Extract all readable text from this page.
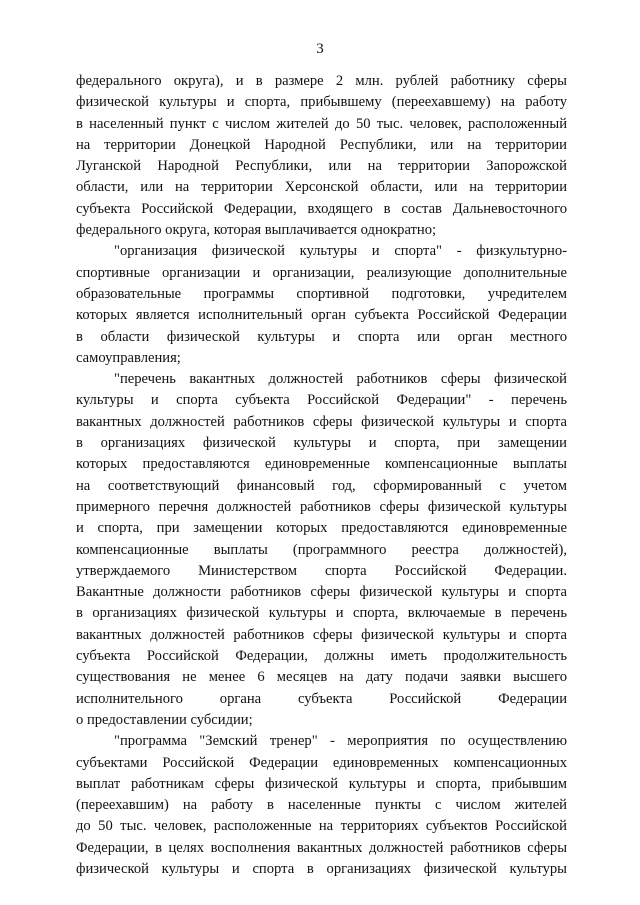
3
федерального округа), и в размере 2 млн. рублей работнику сферы
физической культуры и спорта, прибывшему (переехавшему) на работу
в населенный пункт с числом жителей до 50 тыс. человек, расположенный
на территории Донецкой Народной Республики, или на территории
Луганской Народной Республики, или на территории Запорожской
области, или на территории Херсонской области, или на территории
субъекта Российской Федерации, входящего в состав Дальневосточного
федерального округа, которая выплачивается однократно;
"организация физической культуры и спорта" - физкультурно-
спортивные организации и организации, реализующие дополнительные
образовательные программы спортивной подготовки, учредителем
которых является исполнительный орган субъекта Российской Федерации
в области физической культуры и спорта или орган местного
самоуправления;
"перечень вакантных должностей работников сферы физической
культуры и спорта субъекта Российской Федерации" - перечень
вакантных должностей работников сферы физической культуры и спорта
в организациях физической культуры и спорта, при замещении
которых предоставляются единовременные компенсационные выплаты
на соответствующий финансовый год, сформированный с учетом
примерного перечня должностей работников сферы физической культуры
и спорта, при замещении которых предоставляются единовременные
компенсационные выплаты (программного реестра должностей),
утверждаемого Министерством спорта Российской Федерации.
Вакантные должности работников сферы физической культуры и спорта
в организациях физической культуры и спорта, включаемые в перечень
вакантных должностей работников сферы физической культуры и спорта
субъекта Российской Федерации, должны иметь продолжительность
существования не менее 6 месяцев на дату подачи заявки высшего
исполнительного органа субъекта Российской Федерации
о предоставлении субсидии;
"программа "Земский тренер" - мероприятия по осуществлению
субъектами Российской Федерации единовременных компенсационных
выплат работникам сферы физической культуры и спорта, прибывшим
(переехавшим) на работу в населенные пункты с числом жителей
до 50 тыс. человек, расположенные на территориях субъектов Российской
Федерации, в целях восполнения вакантных должностей работников сферы
физической культуры и спорта в организациях физической культуры
